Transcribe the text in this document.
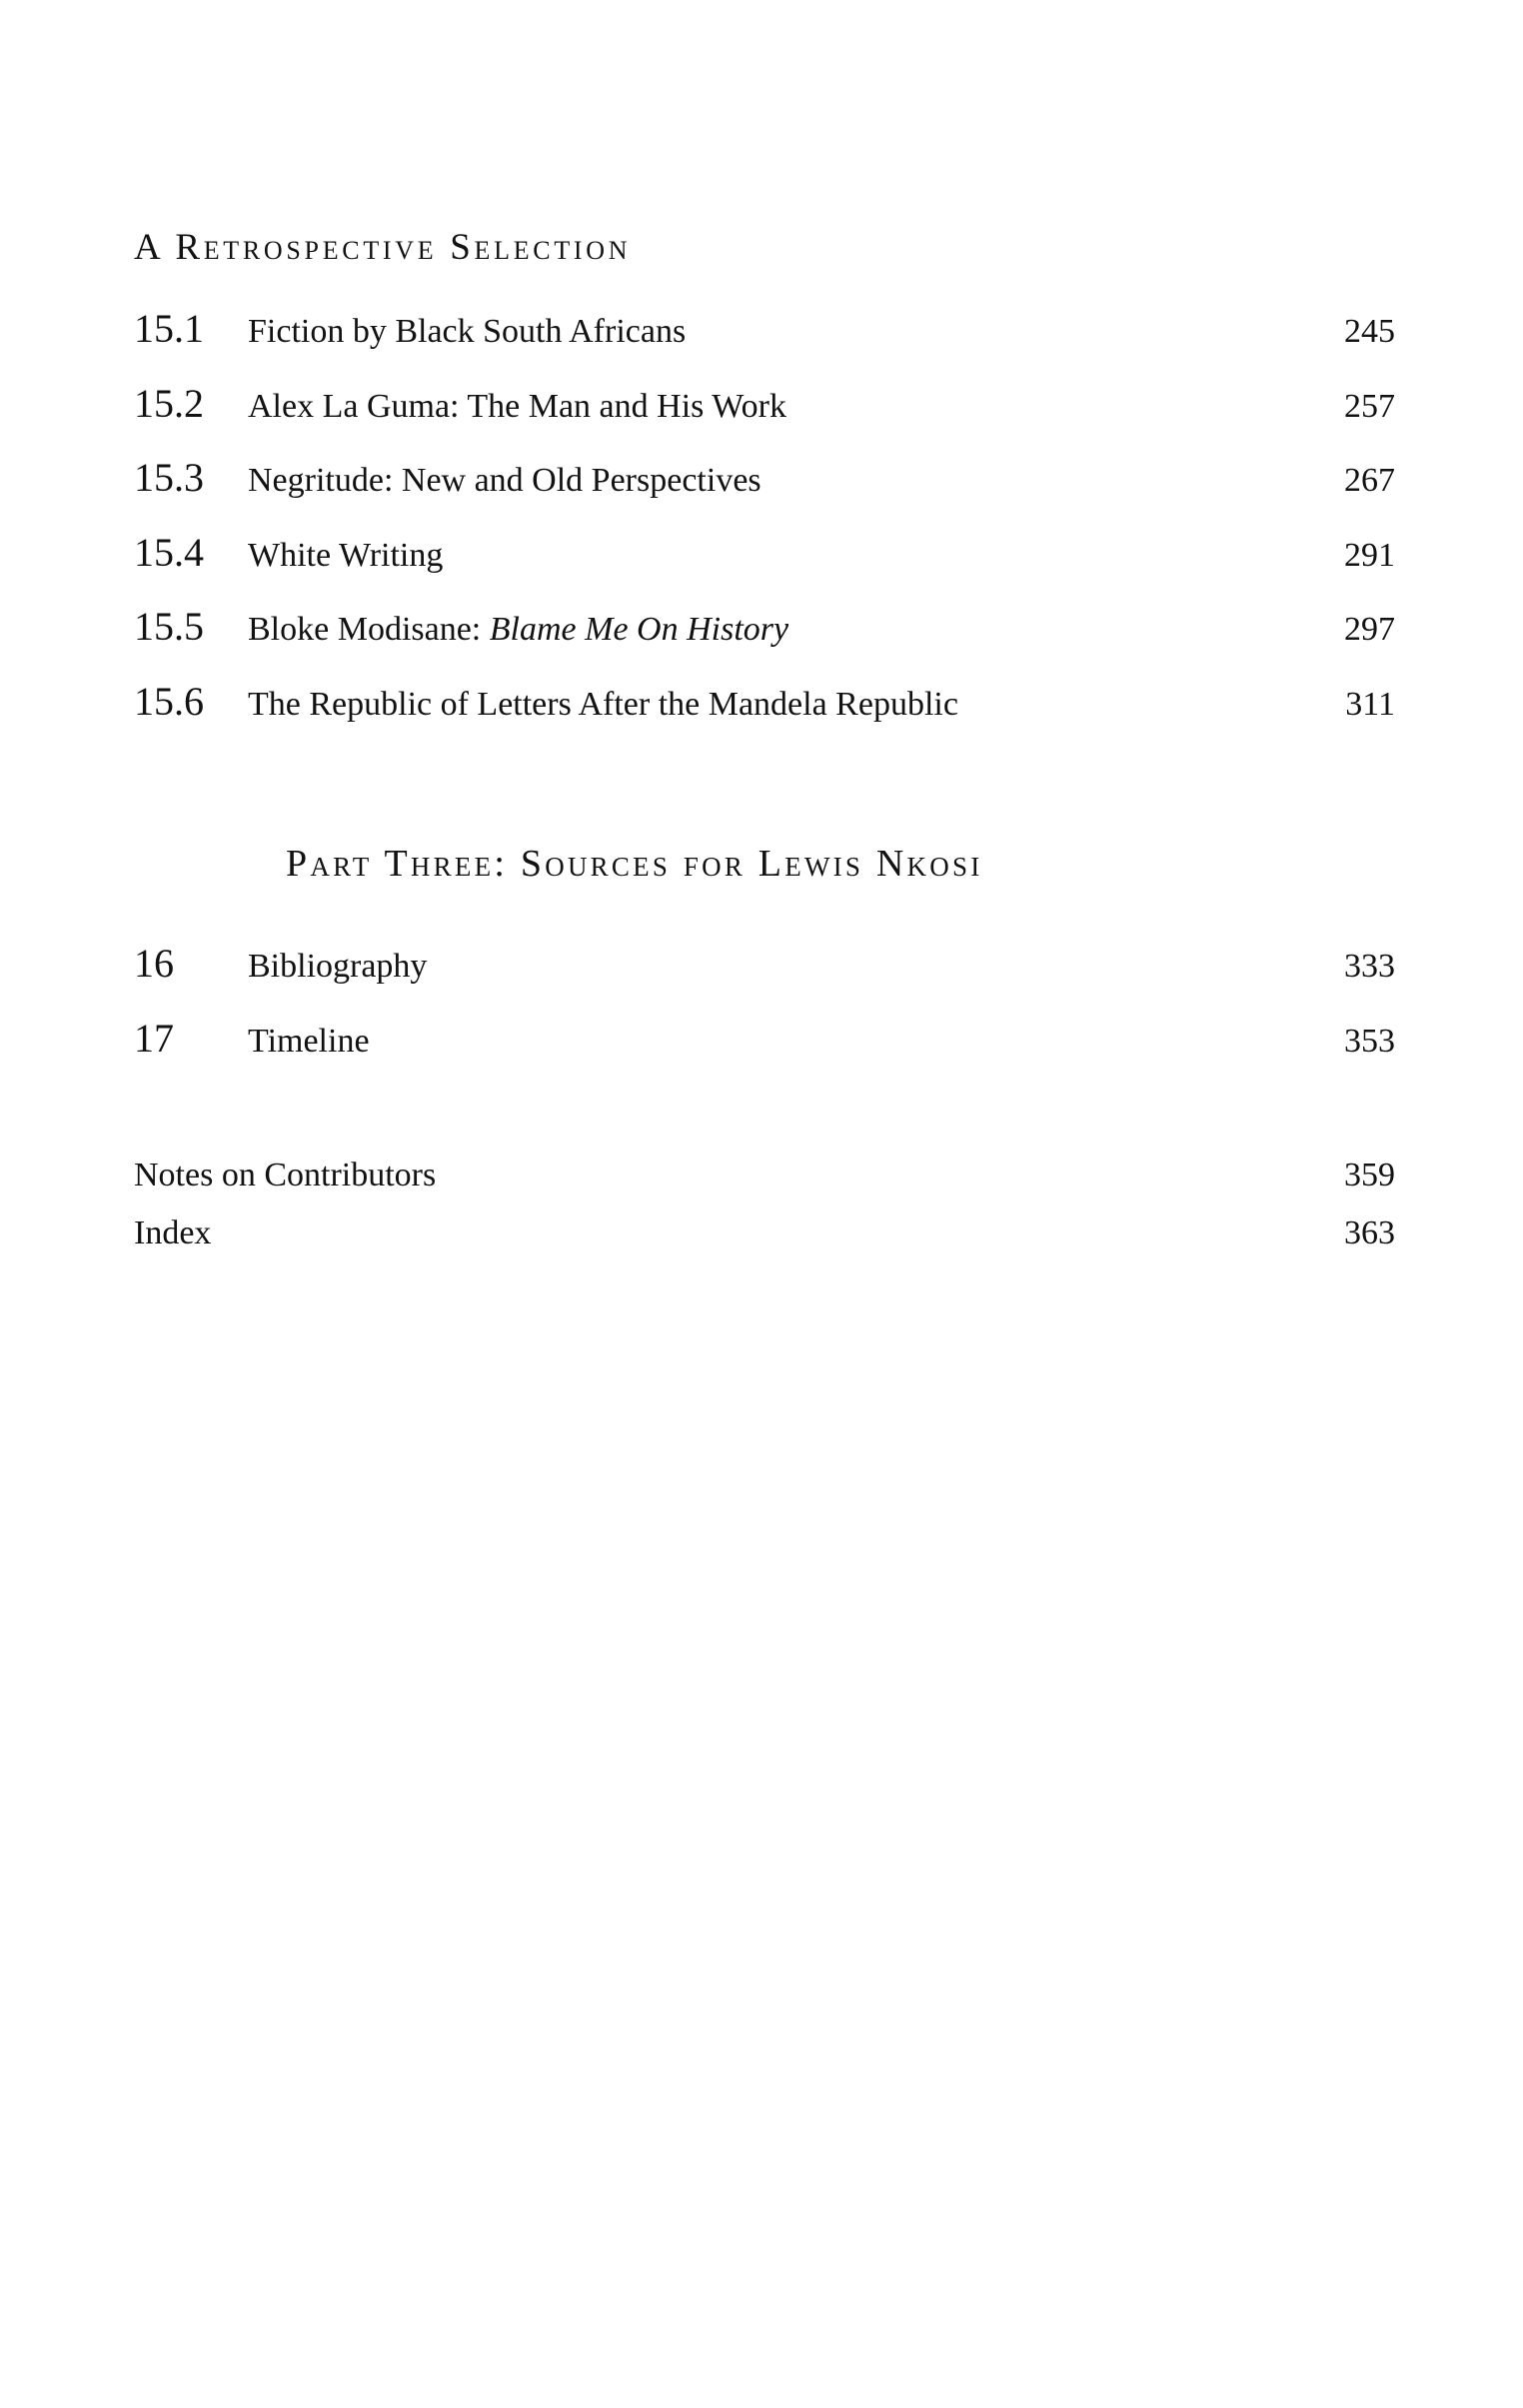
A Retrospective Selection
15.1	Fiction by Black South Africans	245
15.2	Alex La Guma: The Man and His Work	257
15.3	Negritude: New and Old Perspectives	267
15.4	White Writing	291
15.5	Bloke Modisane: Blame Me On History	297
15.6	The Republic of Letters After the Mandela Republic	311
Part Three: Sources for Lewis Nkosi
16	Bibliography	333
17	Timeline	353
Notes on Contributors	359
Index	363
